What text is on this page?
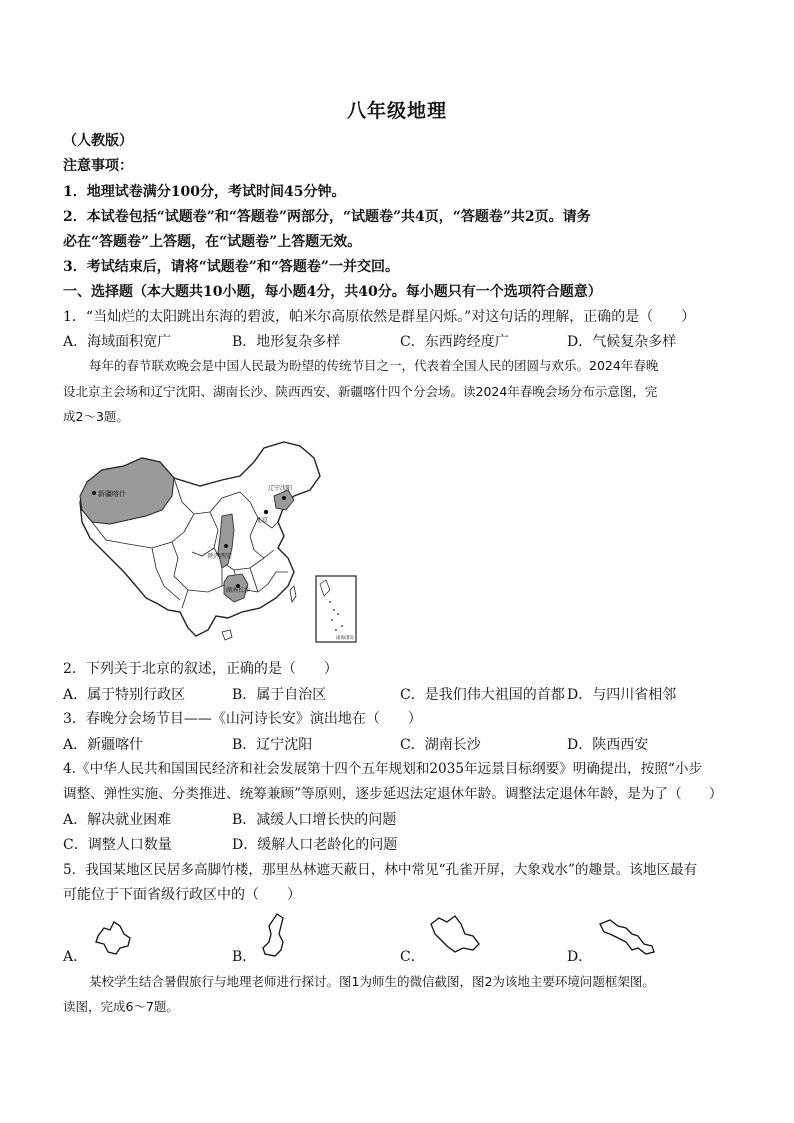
八年级地理
（人教版）
注意事项：
1．地理试卷满分100分，考试时间45分钟。
2．本试卷包括“试题卷”和“答题卷”两部分，“试题卷”共4页，“答题卷”共2页。请务
必在“答题卷”上答题，在“试题卷”上答题无效。
3．考试结束后，请将“试题卷”和“答题卷”一并交回。
一、选择题（本大题共10小题，每小题4分，共40分。每小题只有一个选项符合题意）
1．“当灿烂的太阳跳出东海的碧波，帕米尔高原依然是群星闪烁。”对这句话的理解，正确的是（　　）
A．海域面积宽广	B．地形复杂多样	C．东西跨经度广	D．气候复杂多样
每年的春节联欢晚会是中国人民最为盼望的传统节目之一，代表着全国人民的团圆与欢乐。2024年春晚
设北京主会场和辽宁沈阳、湖南长沙、陕西西安、新疆喀什四个分会场。读2024年春晚会场分布示意图，完
成2～3题。
新疆喀什
辽宁沈阳
北京
陕西西安
湖南长沙
南海诸岛
2．下列关于北京的叙述，正确的是（　　）
A．属于特别行政区	B．属于自治区	C．是我们伟大祖国的首都 D．与四川省相邻
3．春晚分会场节目——《山河诗长安》演出地在（　　）
A．新疆喀什	B．辽宁沈阳	C．湖南长沙	D．陕西西安
4.《中华人民共和国国民经济和社会发展第十四个五年规划和2035年远景目标纲要》明确提出，按照“小步
调整、弹性实施、分类推进、统筹兼顾”等原则，逐步延迟法定退休年龄。调整法定退休年龄，是为了（　　）
A．解决就业困难	B．减缓人口增长快的问题
C．调整人口数量	D．缓解人口老龄化的问题
5．我国某地区民居多高脚竹楼，那里丛林遮天蔽日，林中常见“孔雀开屏，大象戏水”的趣景。该地区最有
可能位于下面省级行政区中的（　　）
A．	B．	C．	D．
某校学生结合暑假旅行与地理老师进行探讨。图1为师生的微信截图，图2为该地主要环境问题框架图。
读图，完成6～7题。
